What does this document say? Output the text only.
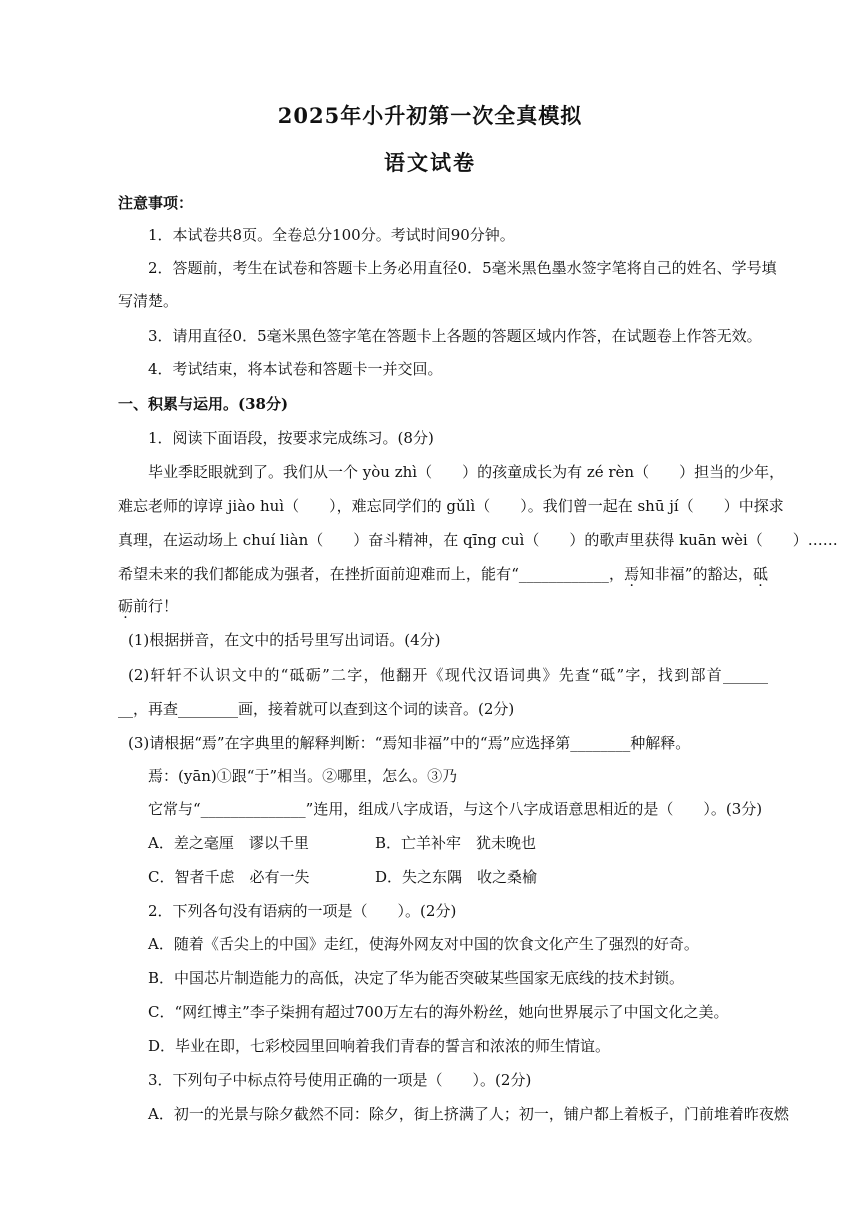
2025年小升初第一次全真模拟
语文试卷
注意事项：
1．本试卷共8页。全卷总分100分。考试时间90分钟。
2．答题前，考生在试卷和答题卡上务必用直径0．5毫米黑色墨水签字笔将自己的姓名、学号填
写清楚。
3．请用直径0．5毫米黑色签字笔在答题卡上各题的答题区域内作答，在试题卷上作答无效。
4．考试结束，将本试卷和答题卡一并交回。
一、积累与运用。(38分)
1．阅读下面语段，按要求完成练习。(8分)
毕业季眨眼就到了。我们从一个 yòu zhì（　　）的孩童成长为有 zé rèn（　　）担当的少年，
难忘老师的谆谆 jiào huì（　　），难忘同学们的 gǔlì（　　）。我们曾一起在 shū jí（　　）中探求
真理，在运动场上 chuí liàn（　　）奋斗精神，在 qīng cuì（　　）的歌声里获得 kuān wèi（　　）……
希望未来的我们都能成为强者，在挫折面前迎难而上，能有“____________，焉知非福”的豁达，砥
砺前行！
(1)根据拼音，在文中的括号里写出词语。(4分)
(2)轩轩不认识文中的“砥砺”二字，他翻开《现代汉语词典》先查“砥”字，找到部首______
__，再查________画，接着就可以查到这个词的读音。(2分)
(3)请根据“焉”在字典里的解释判断：“焉知非福”中的“焉”应选择第________种解释。
焉：(yān)①跟“于”相当。②哪里，怎么。③乃
它常与“______________”连用，组成八字成语，与这个八字成语意思相近的是（　　）。(3分)
A．差之毫厘　谬以千里	B．亡羊补牢　犹未晚也
C．智者千虑　必有一失	D．失之东隅　收之桑榆
2．下列各句没有语病的一项是（　　）。(2分)
A．随着《舌尖上的中国》走红，使海外网友对中国的饮食文化产生了强烈的好奇。
B．中国芯片制造能力的高低，决定了华为能否突破某些国家无底线的技术封锁。
C．“网红博主”李子柒拥有超过700万左右的海外粉丝，她向世界展示了中国文化之美。
D．毕业在即，七彩校园里回响着我们青春的誓言和浓浓的师生情谊。
3．下列句子中标点符号使用正确的一项是（　　）。(2分)
A．初一的光景与除夕截然不同：除夕，街上挤满了人；初一，铺户都上着板子，门前堆着昨夜燃
